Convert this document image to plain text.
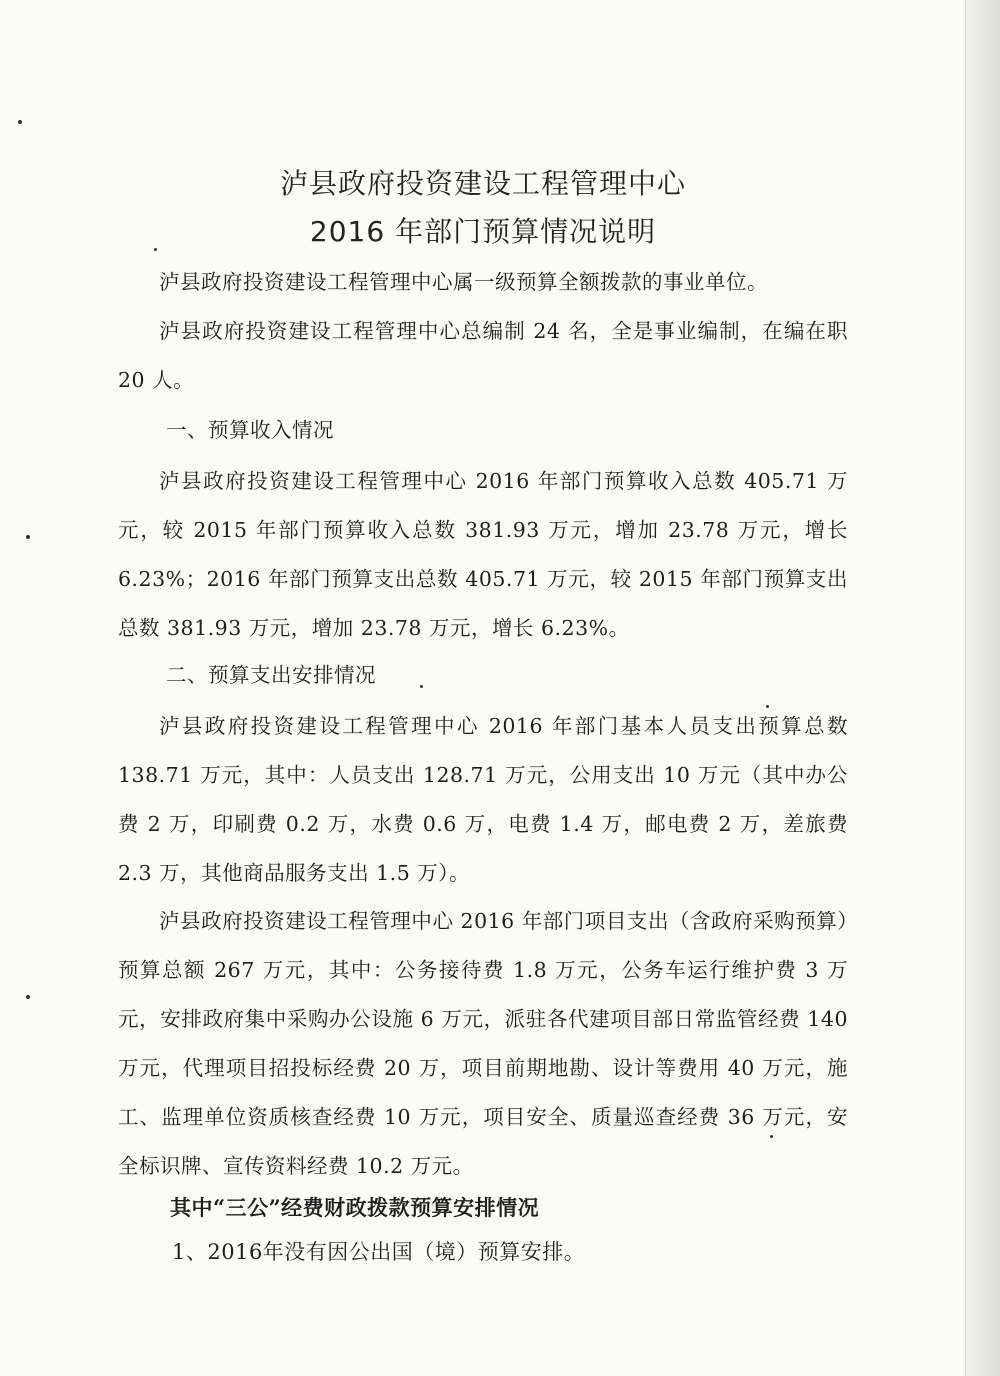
泸县政府投资建设工程管理中心
2016 年部门预算情况说明
泸县政府投资建设工程管理中心属一级预算全额拨款的事业单位。
泸县政府投资建设工程管理中心总编制 24 名，全是事业编制，在编在职 20 人。
一、预算收入情况
泸县政府投资建设工程管理中心 2016 年部门预算收入总数 405.71 万元，较 2015 年部门预算收入总数 381.93 万元，增加 23.78 万元，增长 6.23%；2016 年部门预算支出总数 405.71 万元，较 2015 年部门预算支出总数 381.93 万元，增加 23.78 万元，增长 6.23%。
二、预算支出安排情况
泸县政府投资建设工程管理中心 2016 年部门基本人员支出预算总数 138.71 万元，其中：人员支出 128.71 万元，公用支出 10 万元（其中办公费 2 万，印刷费 0.2 万，水费 0.6 万，电费 1.4 万，邮电费 2 万，差旅费 2.3 万，其他商品服务支出 1.5 万）。
泸县政府投资建设工程管理中心 2016 年部门项目支出（含政府采购预算）预算总额 267 万元，其中：公务接待费 1.8 万元，公务车运行维护费 3 万元，安排政府集中采购办公设施 6 万元，派驻各代建项目部日常监管经费 140 万元，代理项目招投标经费 20 万，项目前期地勘、设计等费用 40 万元，施工、监理单位资质核查经费 10 万元，项目安全、质量巡查经费 36 万元，安全标识牌、宣传资料经费 10.2 万元。
其中“三公”经费财政拨款预算安排情况
1、2016年没有因公出国（境）预算安排。
